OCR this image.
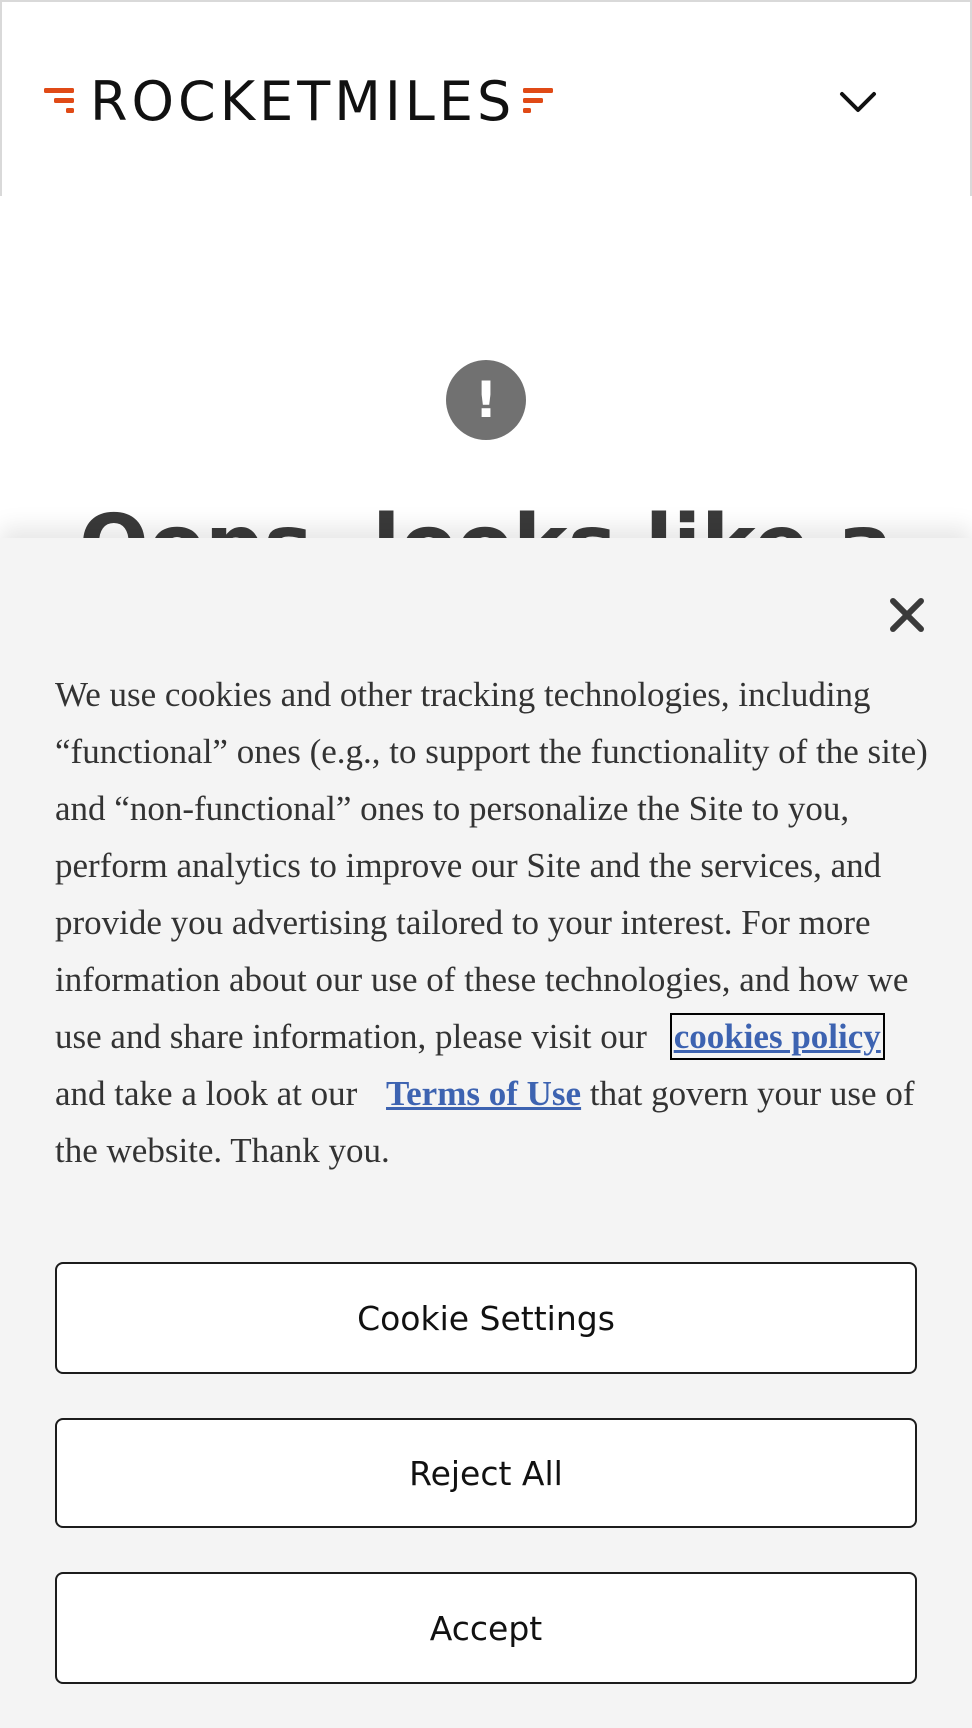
ROCKETMILES
!
We use cookies and other tracking technologies, including “functional” ones (e.g., to support the functionality of the site) and “non-functional” ones to personalize the Site to you, perform analytics to improve our Site and the services, and provide you advertising tailored to your interest. For more information about our use of these technologies, and how we use and share information, please visit our cookies policy and take a look at our Terms of Use that govern your use of the website. Thank you.
Cookie Settings
Reject All
Accept
